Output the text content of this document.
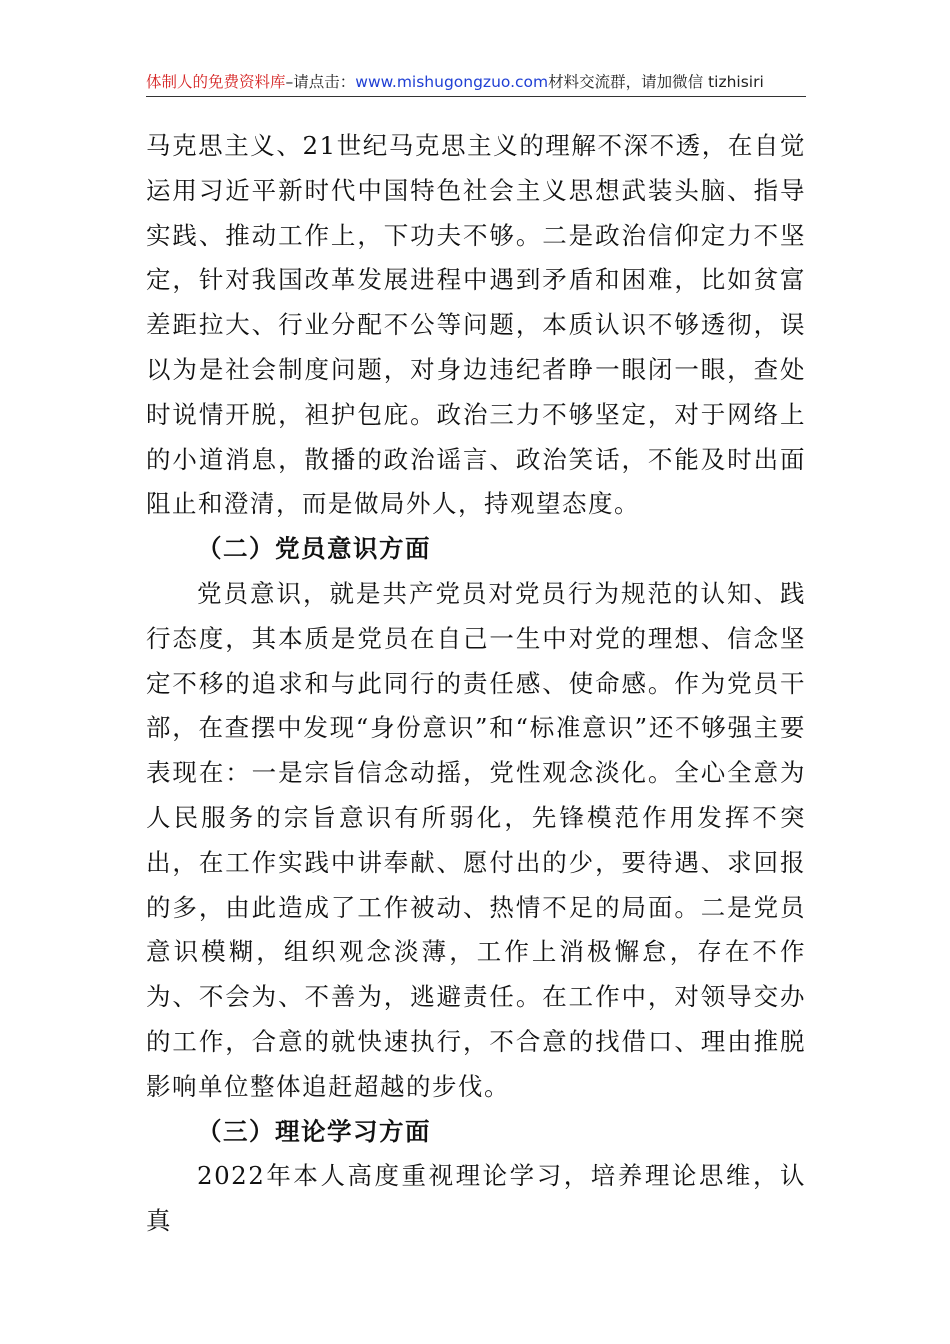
体制人的免费资料库–请点击：www.mishugongzuo.com材料交流群，请加微信 tizhisiri

马克思主义、21世纪马克思主义的理解不深不透，在自觉运用习近平新时代中国特色社会主义思想武装头脑、指导实践、推动工作上，下功夫不够。二是政治信仰定力不坚定，针对我国改革发展进程中遇到矛盾和困难，比如贫富差距拉大、行业分配不公等问题，本质认识不够透彻，误以为是社会制度问题，对身边违纪者睁一眼闭一眼，查处时说情开脱，袒护包庇。政治三力不够坚定，对于网络上的小道消息，散播的政治谣言、政治笑话，不能及时出面阻止和澄清，而是做局外人，持观望态度。

（二）党员意识方面

党员意识，就是共产党员对党员行为规范的认知、践行态度，其本质是党员在自己一生中对党的理想、信念坚定不移的追求和与此同行的责任感、使命感。作为党员干部，在查摆中发现“身份意识”和“标准意识”还不够强主要表现在：一是宗旨信念动摇，党性观念淡化。全心全意为人民服务的宗旨意识有所弱化，先锋模范作用发挥不突出，在工作实践中讲奉献、愿付出的少，要待遇、求回报的多，由此造成了工作被动、热情不足的局面。二是党员意识模糊，组织观念淡薄，工作上消极懈怠，存在不作为、不会为、不善为，逃避责任。在工作中，对领导交办的工作，合意的就快速执行，不合意的找借口、理由推脱影响单位整体追赶超越的步伐。

（三）理论学习方面

2022年本人高度重视理论学习，培养理论思维，认真
